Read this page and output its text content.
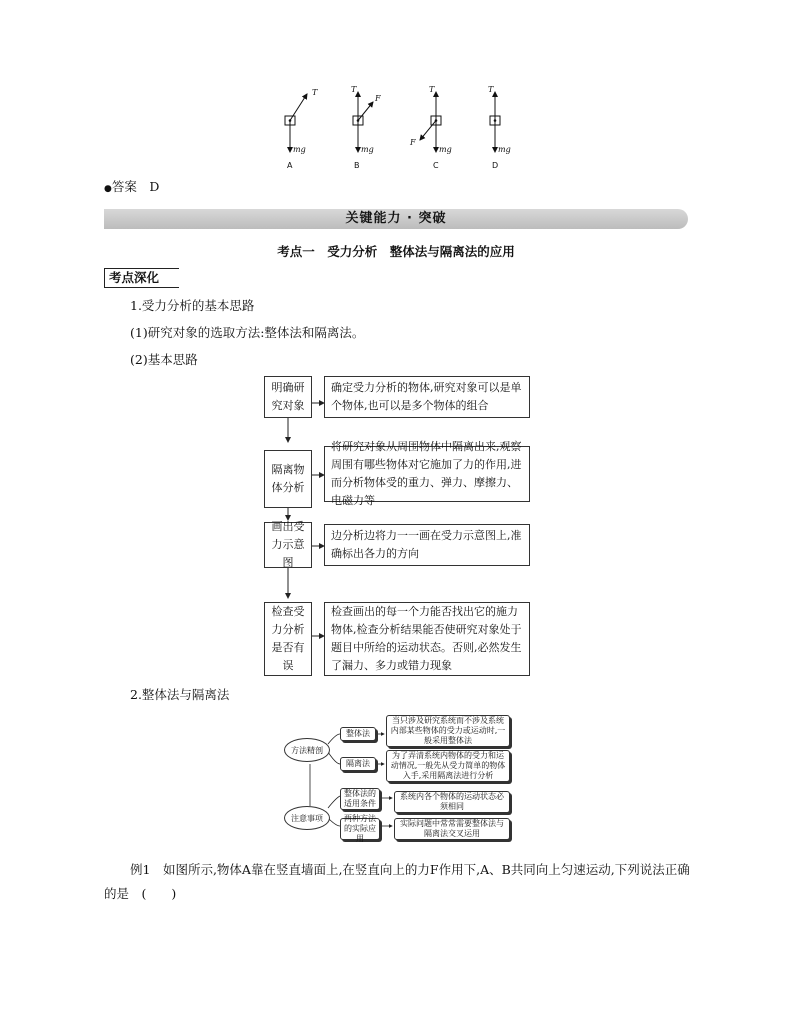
T
mg
A
T
F
mg
B
T
F
mg
C
T
mg
D
●答案　 D
关键能力 · 突破
考点一　受力分析　整体法与隔离法的应用
考点深化
1.受力分析的基本思路
(1)研究对象的选取方法:整体法和隔离法。
(2)基本思路
明确研究对象
确定受力分析的物体,研究对象可以是单个物体,也可以是多个物体的组合
隔离物体分析
将研究对象从周围物体中隔离出来,观察周围有哪些物体对它施加了力的作用,进而分析物体受的重力、弹力、摩擦力、电磁力等
画出受力示意图
边分析边将力一一画在受力示意图上,准确标出各力的方向
检查受力分析是否有误
检查画出的每一个力能否找出它的施力物体,检查分析结果能否使研究对象处于题目中所给的运动状态。否则,必然发生了漏力、多力或错力现象
2.整体法与隔离法
方法精剖
注意事项
整体法
当只涉及研究系统而不涉及系统内部某些物体的受力或运动时,一般采用整体法
隔离法
为了弄清系统内物体的受力和运动情况,一般先从受力简单的物体入手,采用隔离法进行分析
整体法的适用条件
系统内各个物体的运动状态必须相同
两种方法的实际应用
实际问题中常常需要整体法与隔离法交叉运用
例1　如图所示,物体A靠在竖直墙面上,在竖直向上的力F作用下,A、B共同向上匀速运动,下列说法正确的是　(　　)
